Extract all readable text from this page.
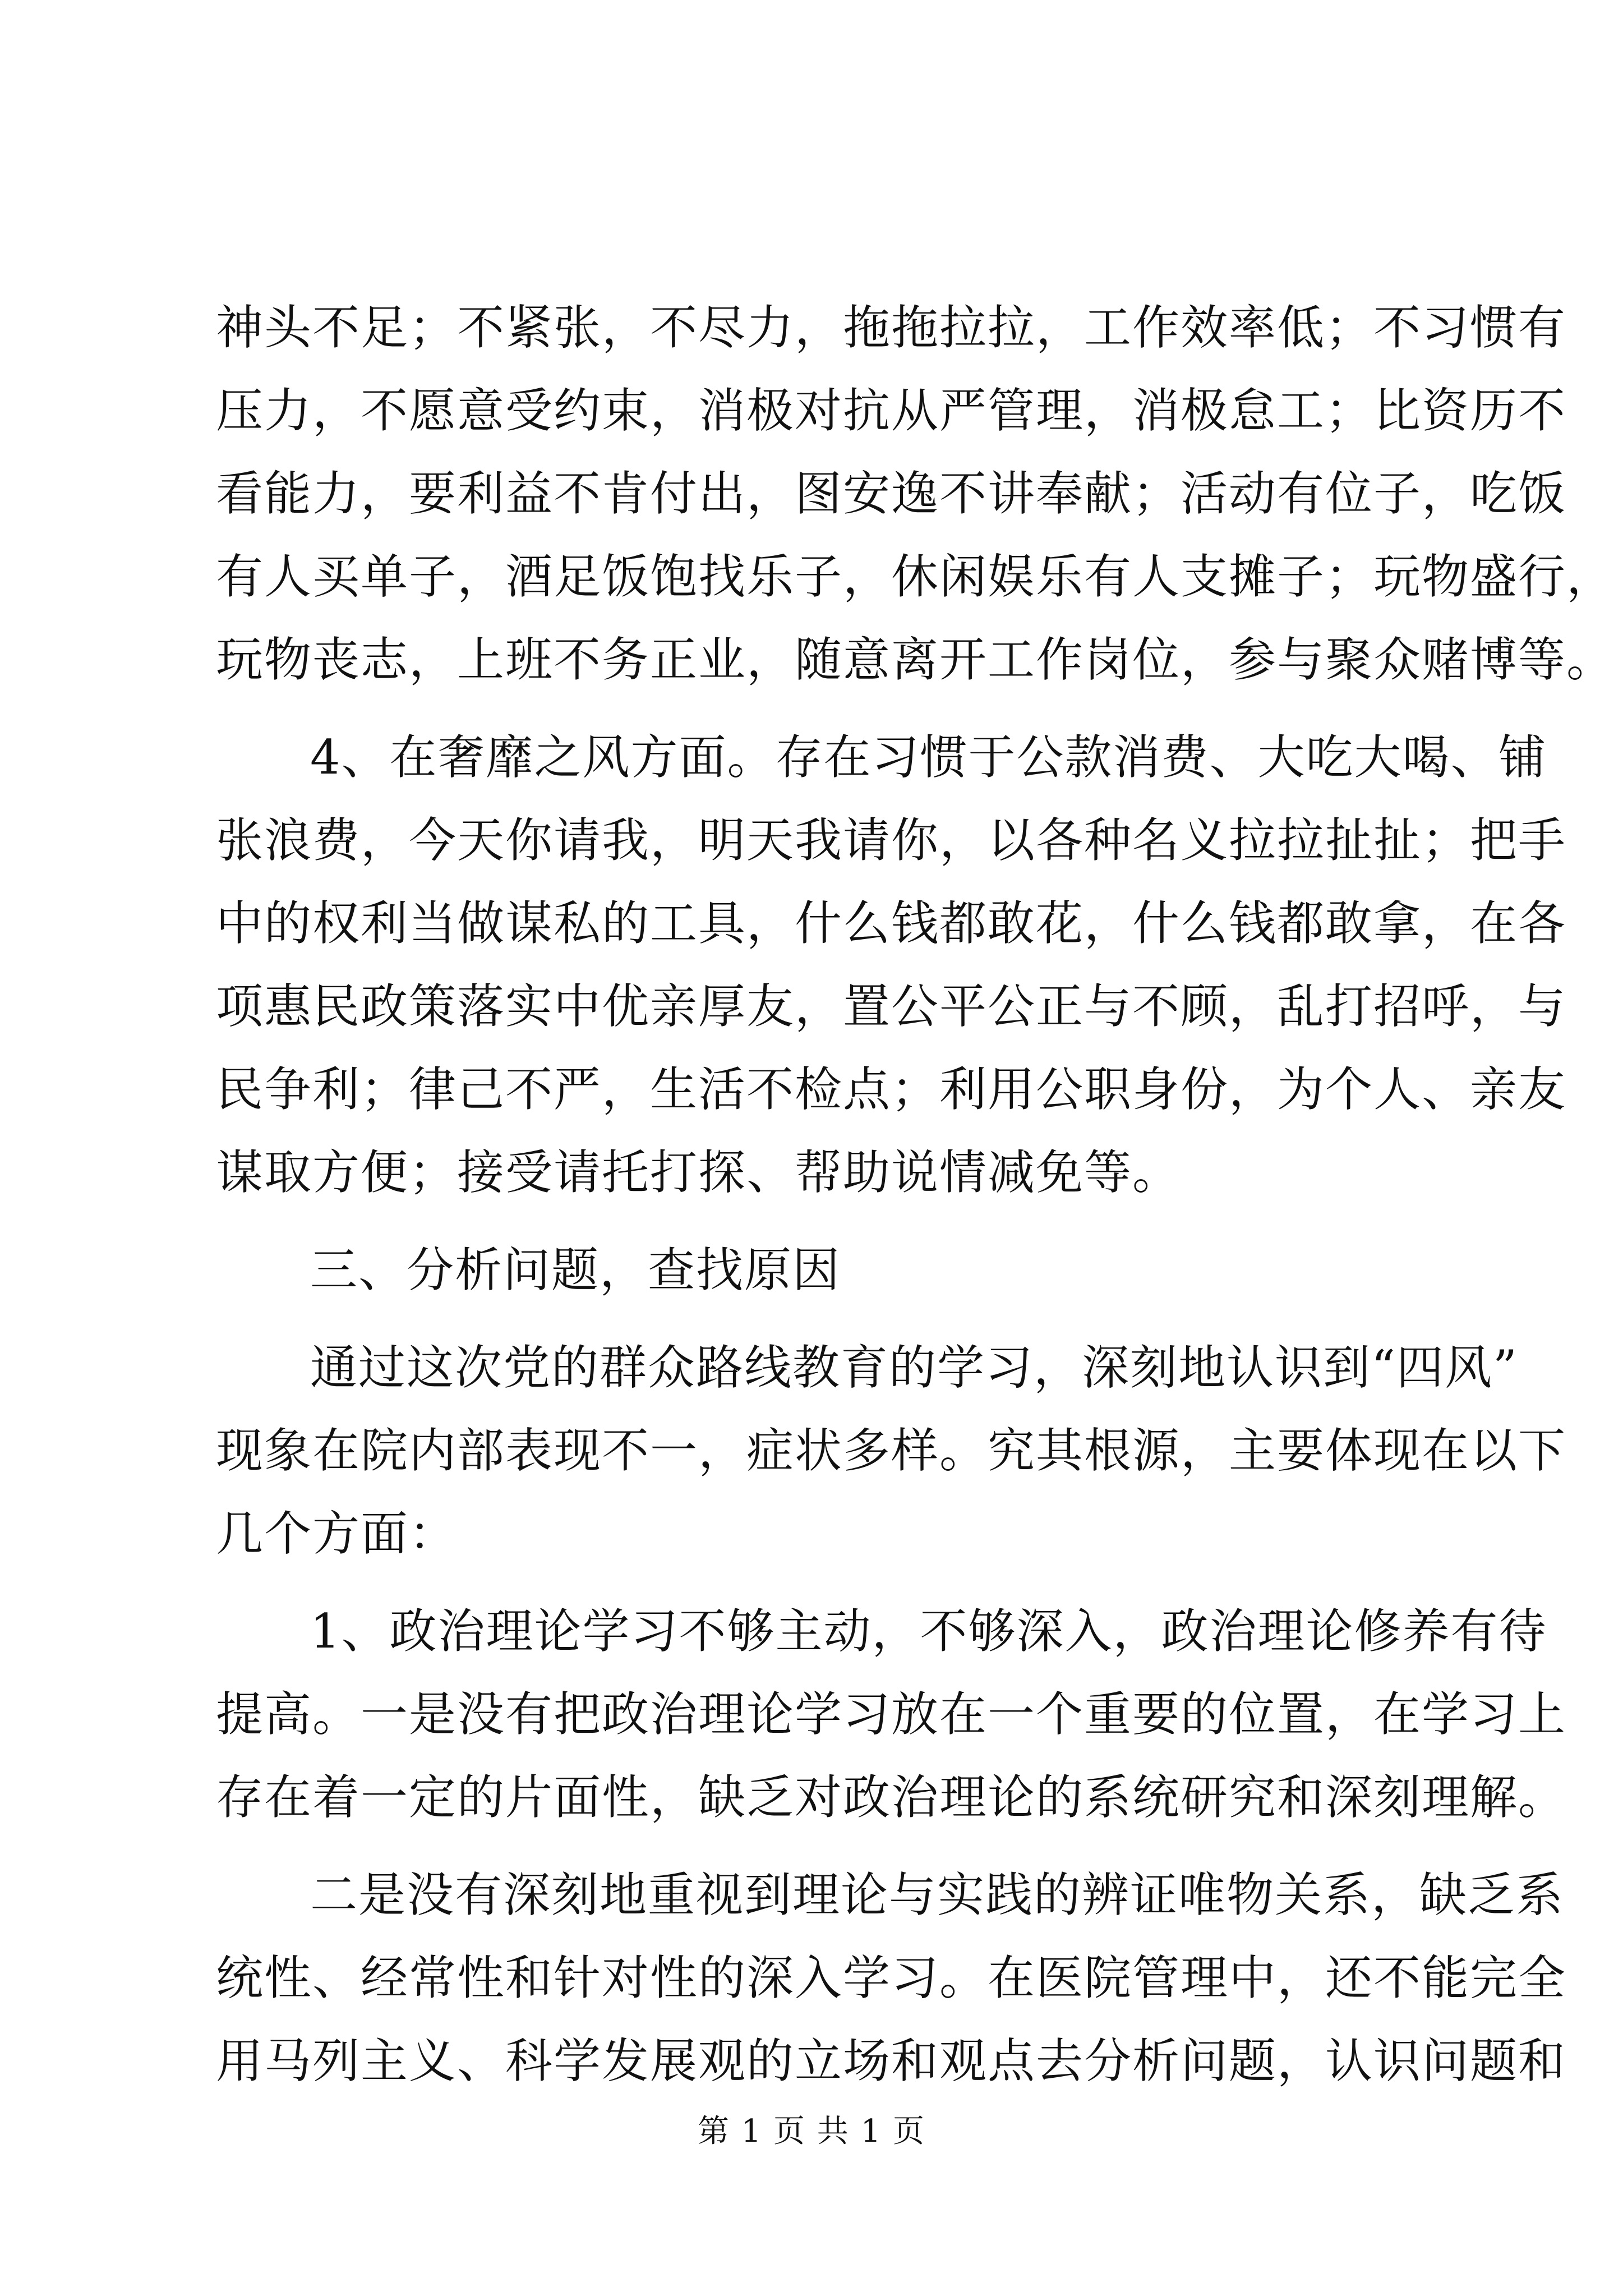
神头不足；不紧张，不尽力，拖拖拉拉，工作效率低；不习惯有
压力，不愿意受约束，消极对抗从严管理，消极怠工；比资历不
看能力，要利益不肯付出，图安逸不讲奉献；活动有位子，吃饭
有人买单子，酒足饭饱找乐子，休闲娱乐有人支摊子；玩物盛行，
玩物丧志，上班不务正业，随意离开工作岗位，参与聚众赌博等。
4、在奢靡之风方面。存在习惯于公款消费、大吃大喝、铺
张浪费，今天你请我，明天我请你，以各种名义拉拉扯扯；把手
中的权利当做谋私的工具，什么钱都敢花，什么钱都敢拿，在各
项惠民政策落实中优亲厚友，置公平公正与不顾，乱打招呼，与
民争利；律己不严，生活不检点；利用公职身份，为个人、亲友
谋取方便；接受请托打探、帮助说情减免等。
三、分析问题，查找原因
通过这次党的群众路线教育的学习，深刻地认识到“四风”
现象在院内部表现不一，症状多样。究其根源，主要体现在以下
几个方面：
1、政治理论学习不够主动，不够深入，政治理论修养有待
提高。一是没有把政治理论学习放在一个重要的位置，在学习上
存在着一定的片面性，缺乏对政治理论的系统研究和深刻理解。
二是没有深刻地重视到理论与实践的辨证唯物关系，缺乏系
统性、经常性和针对性的深入学习。在医院管理中，还不能完全
用马列主义、科学发展观的立场和观点去分析问题，认识问题和
第 1 页 共 1 页
